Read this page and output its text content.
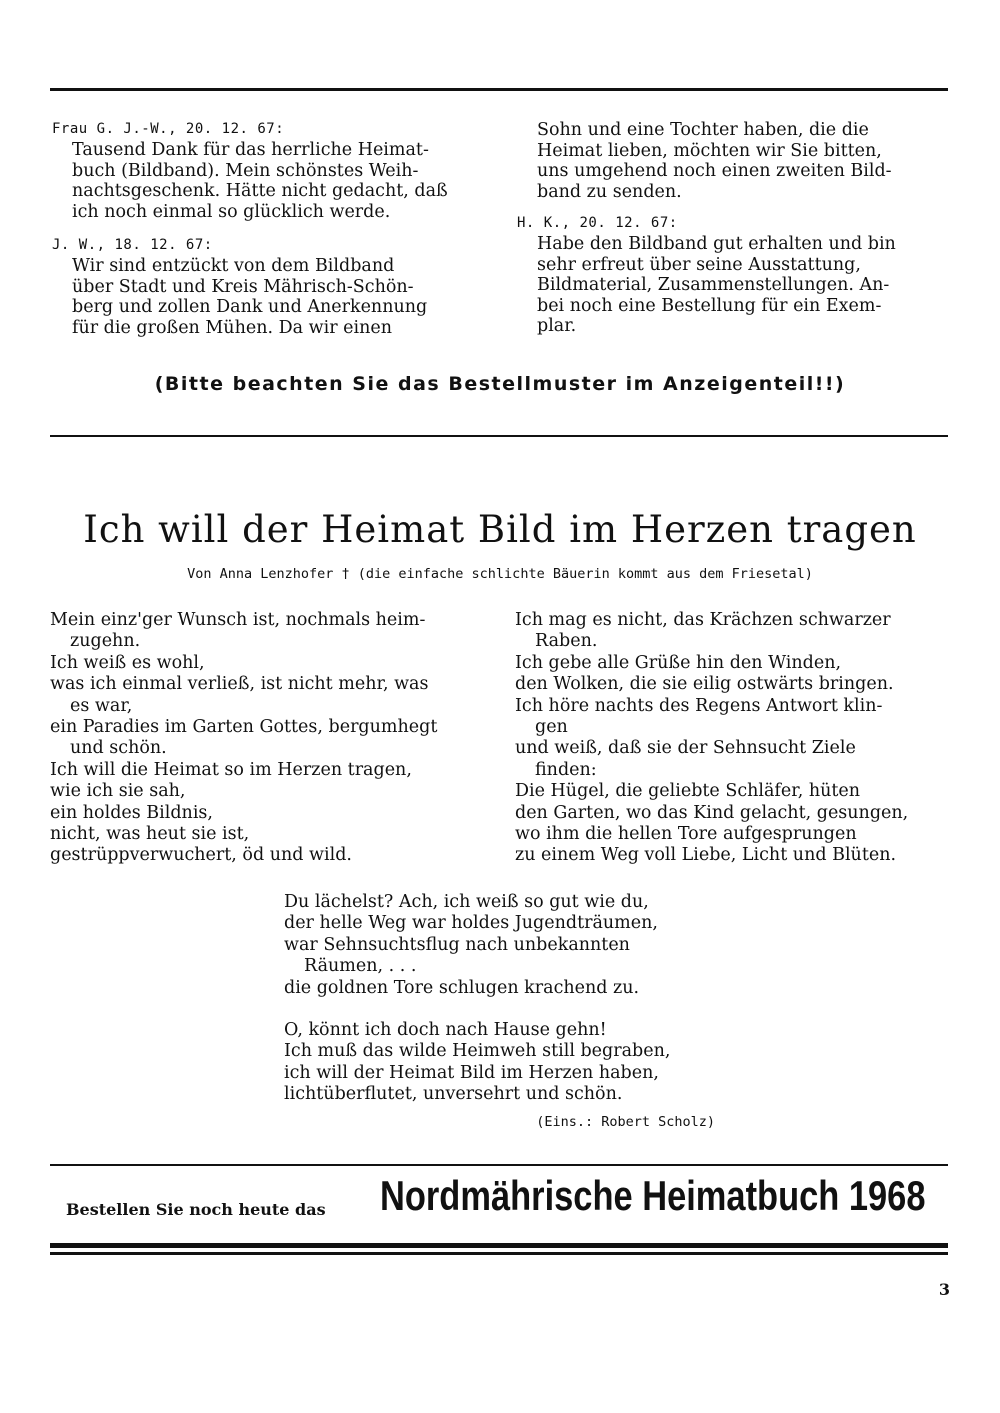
Frau G. J.-W., 20. 12. 67:
Tausend Dank für das herrliche Heimat-
buch (Bildband). Mein schönstes Weih-
nachtsgeschenk. Hätte nicht gedacht, daß
ich noch einmal so glücklich werde.
J. W., 18. 12. 67:
Wir sind entzückt von dem Bildband
über Stadt und Kreis Mährisch-Schön-
berg und zollen Dank und Anerkennung
für die großen Mühen. Da wir einen
Sohn und eine Tochter haben, die die
Heimat lieben, möchten wir Sie bitten,
uns umgehend noch einen zweiten Bild-
band zu senden.
H. K., 20. 12. 67:
Habe den Bildband gut erhalten und bin
sehr erfreut über seine Ausstattung,
Bildmaterial, Zusammenstellungen. An-
bei noch eine Bestellung für ein Exem-
plar.
(Bitte beachten Sie das Bestellmuster im Anzeigenteil!!)
Ich will der Heimat Bild im Herzen tragen
Von Anna Lenzhofer † (die einfache schlichte Bäuerin kommt aus dem Friesetal)
Mein einz'ger Wunsch ist, nochmals heim-
zugehn.
Ich weiß es wohl,
was ich einmal verließ, ist nicht mehr, was
es war,
ein Paradies im Garten Gottes, bergumhegt
und schön.
Ich will die Heimat so im Herzen tragen,
wie ich sie sah,
ein holdes Bildnis,
nicht, was heut sie ist,
gestrüppverwuchert, öd und wild.
Ich mag es nicht, das Krächzen schwarzer
Raben.
Ich gebe alle Grüße hin den Winden,
den Wolken, die sie eilig ostwärts bringen.
Ich höre nachts des Regens Antwort klin-
gen
und weiß, daß sie der Sehnsucht Ziele
finden:
Die Hügel, die geliebte Schläfer, hüten
den Garten, wo das Kind gelacht, gesungen,
wo ihm die hellen Tore aufgesprungen
zu einem Weg voll Liebe, Licht und Blüten.
Du lächelst? Ach, ich weiß so gut wie du,
der helle Weg war holdes Jugendträumen,
war Sehnsuchtsflug nach unbekannten
Räumen, . . .
die goldnen Tore schlugen krachend zu.
O, könnt ich doch nach Hause gehn!
Ich muß das wilde Heimweh still begraben,
ich will der Heimat Bild im Herzen haben,
lichtüberflutet, unversehrt und schön.
(Eins.: Robert Scholz)
Bestellen Sie noch heute das Nordmährische Heimatbuch 1968
3
